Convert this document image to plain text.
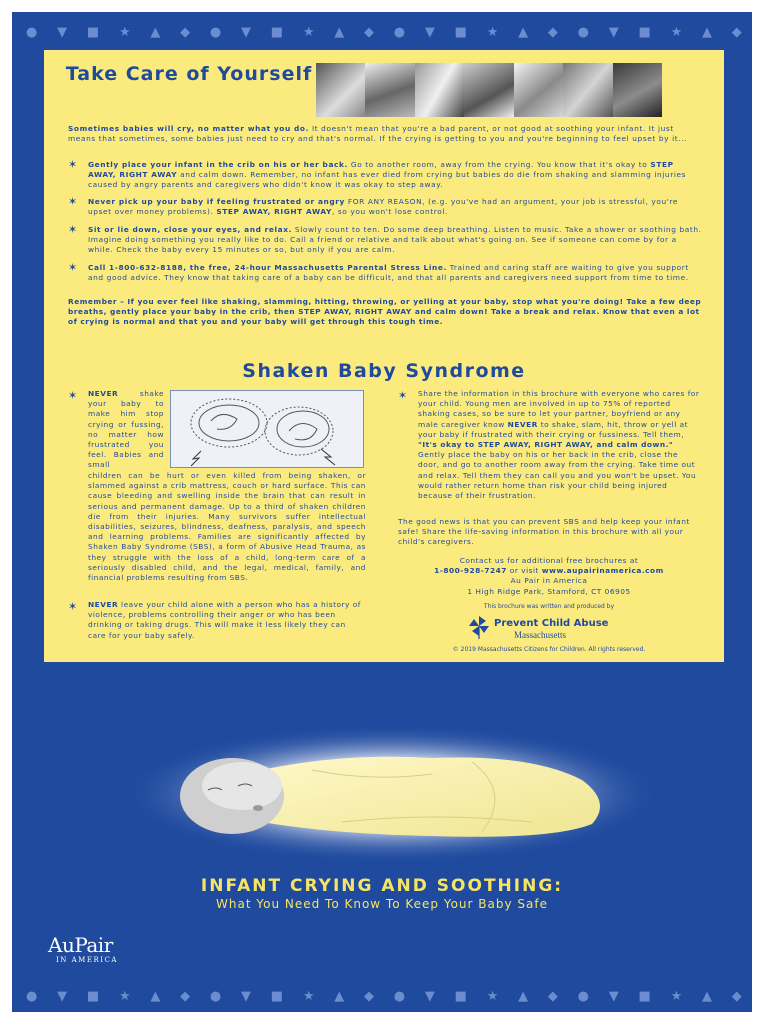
● ▼ ■ ★ ▲ ◆ ● ▼ ■ ★ ▲ ◆ ● ▼ ■ ★ ▲ ◆ ● ▼ ■ ★ ▲ ◆
● ▼ ■ ★ ▲ ◆ ● ▼ ■ ★ ▲ ◆ ● ▼ ■ ★ ▲ ◆ ● ▼ ■ ★ ▲ ◆
Take Care of Yourself
Sometimes babies will cry, no matter what you do. It doesn't mean that you're a bad parent, or not good at soothing your infant. It just means that sometimes, some babies just need to cry and that's normal. If the crying is getting to you and you're beginning to feel upset by it...
✶ Gently place your infant in the crib on his or her back. Go to another room, away from the crying. You know that it's okay to STEP AWAY, RIGHT AWAY and calm down. Remember, no infant has ever died from crying but babies do die from shaking and slamming injuries caused by angry parents and caregivers who didn't know it was okay to step away.
✶ Never pick up your baby if feeling frustrated or angry FOR ANY REASON, (e.g. you've had an argument, your job is stressful, you're upset over money problems). STEP AWAY, RIGHT AWAY, so you won't lose control.
✶ Sit or lie down, close your eyes, and relax. Slowly count to ten. Do some deep breathing. Listen to music. Take a shower or soothing bath. Imagine doing something you really like to do. Call a friend or relative and talk about what's going on. See if someone can come by for a while. Check the baby every 15 minutes or so, but only if you are calm.
✶ Call 1-800-632-8188, the free, 24-hour Massachusetts Parental Stress Line. Trained and caring staff are waiting to give you support and good advice. They know that taking care of a baby can be difficult, and that all parents and caregivers need support from time to time.
Remember – If you ever feel like shaking, slamming, hitting, throwing, or yelling at your baby, stop what you're doing! Take a few deep breaths, gently place your baby in the crib, then STEP AWAY, RIGHT AWAY and calm down! Take a break and relax. Know that even a lot of crying is normal and that you and your baby will get through this tough time.
Shaken Baby Syndrome
✶ NEVER shake your baby to make him stop crying or fussing, no matter how frustrated you feel. Babies and small
children can be hurt or even killed from being shaken, or slammed against a crib mattress, couch or hard surface. This can cause bleeding and swelling inside the brain that can result in serious and permanent damage. Up to a third of shaken children die from their injuries. Many survivors suffer intellectual disabilities, seizures, blindness, deafness, paralysis, and speech and learning problems. Families are significantly affected by Shaken Baby Syndrome (SBS), a form of Abusive Head Trauma, as they struggle with the loss of a child, long-term care of a seriously disabled child, and the legal, medical, family, and financial problems resulting from SBS.
✶ NEVER leave your child alone with a person who has a history of violence, problems controlling their anger or who has been drinking or taking drugs. This will make it less likely they can care for your baby safely.
✶ Share the information in this brochure with everyone who cares for your child. Young men are involved in up to 75% of reported shaking cases, so be sure to let your partner, boyfriend or any male caregiver know NEVER to shake, slam, hit, throw or yell at your baby if frustrated with their crying or fussiness. Tell them, "It's okay to STEP AWAY, RIGHT AWAY, and calm down." Gently place the baby on his or her back in the crib, close the door, and go to another room away from the crying. Take time out and relax. Tell them they can call you and you won't be upset. You would rather return home than risk your child being injured because of their frustration.
The good news is that you can prevent SBS and help keep your infant safe! Share the life-saving information in this brochure with all your child's caregivers.
Contact us for additional free brochures at
1-800-928-7247 or visit www.aupairinamerica.com
Au Pair in America
1 High Ridge Park, Stamford, CT 06905
This brochure was written and produced by
Prevent Child Abuse
Massachusetts
© 2019 Massachusetts Citizens for Children. All rights reserved.
INFANT CRYING AND SOOTHING:
What You Need To Know To Keep Your Baby Safe
AuPair
IN AMERICA
